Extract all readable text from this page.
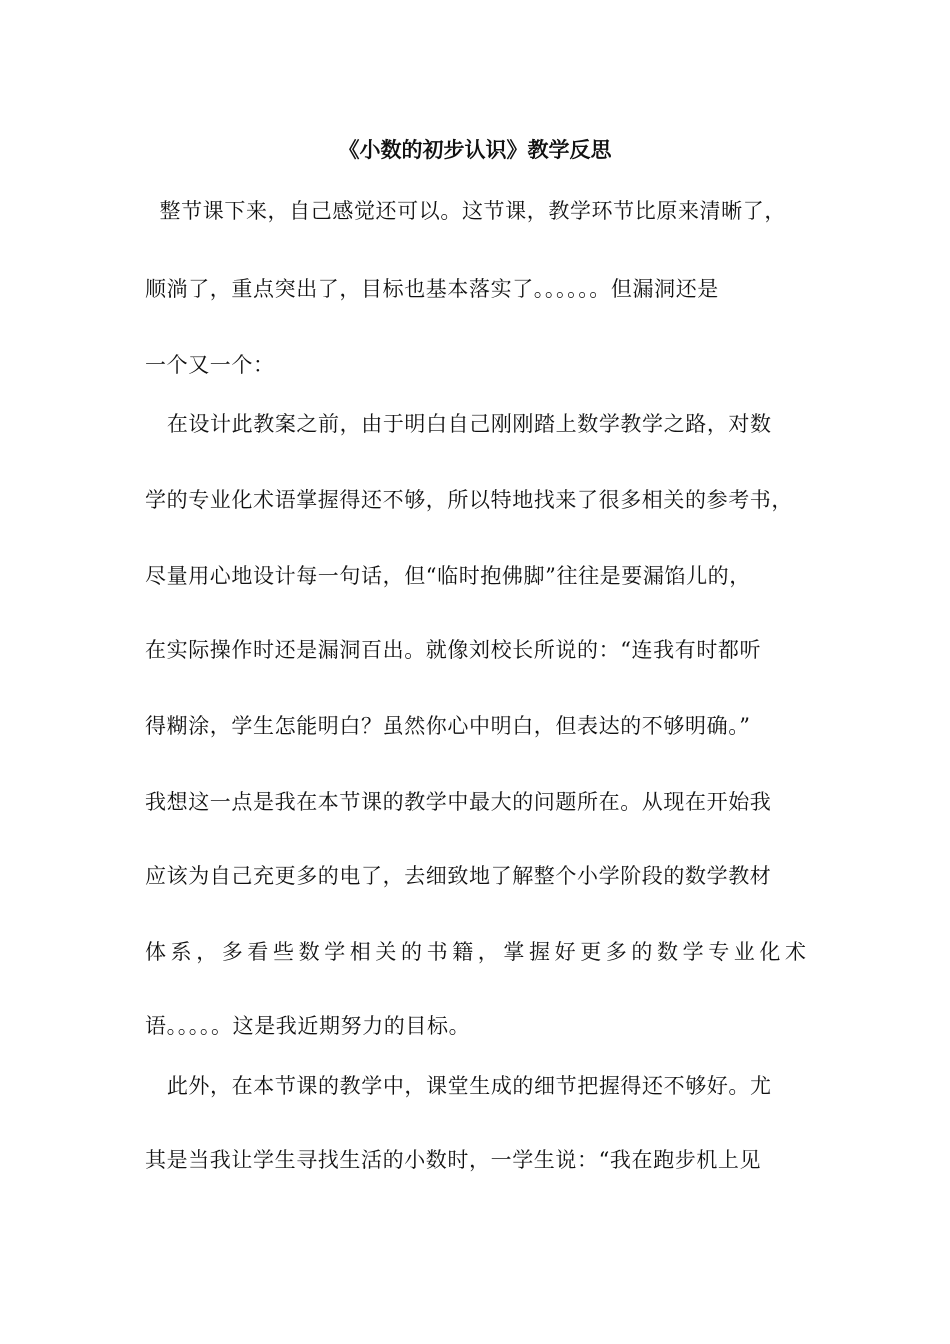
《小数的初步认识》教学反思
整节课下来，自己感觉还可以。这节课，教学环节比原来清晰了，
顺淌了，重点突出了，目标也基本落实了。。。。。。但漏洞还是
一个又一个：
在设计此教案之前，由于明白自己刚刚踏上数学教学之路，对数
学的专业化术语掌握得还不够，所以特地找来了很多相关的参考书，
尽量用心地设计每一句话，但“临时抱佛脚”往往是要漏馅儿的，
在实际操作时还是漏洞百出。就像刘校长所说的：“连我有时都听
得糊涂，学生怎能明白？虽然你心中明白，但表达的不够明确。”
我想这一点是我在本节课的教学中最大的问题所在。从现在开始我
应该为自己充更多的电了，去细致地了解整个小学阶段的数学教材
体系，多看些数学相关的书籍，掌握好更多的数学专业化术
语。。。。。这是我近期努力的目标。
此外，在本节课的教学中，课堂生成的细节把握得还不够好。尤
其是当我让学生寻找生活的小数时，一学生说：“我在跑步机上见
